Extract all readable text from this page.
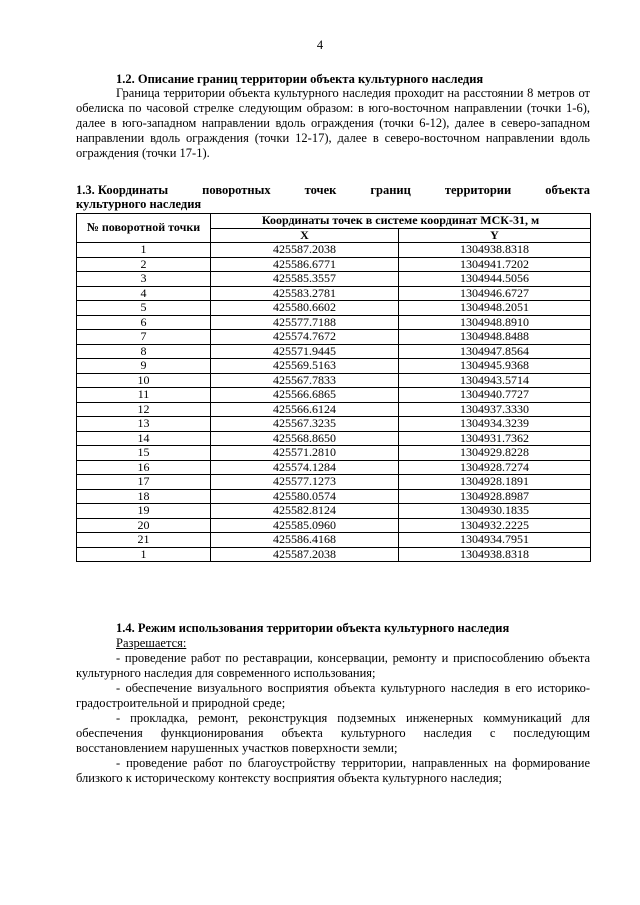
4
1.2. Описание границ территории объекта культурного наследия
Граница территории объекта культурного наследия проходит на расстоянии 8 метров от обелиска по часовой стрелке следующим образом: в юго-восточном направлении (точки 1-6), далее в юго-западном направлении вдоль ограждения (точки 6-12), далее в северо-западном направлении вдоль ограждения (точки 12-17), далее в северо-восточном направлении вдоль ограждения (точки 17-1).
1.3. Координаты	поворотных	точек	границ	территории	объекта
культурного наследия
№ поворотной точки	Координаты точек в системе координат МСК-31, м	
	X	Y
1	425587.2038	1304938.8318
2	425586.6771	1304941.7202
3	425585.3557	1304944.5056
4	425583.2781	1304946.6727
5	425580.6602	1304948.2051
6	425577.7188	1304948.8910
7	425574.7672	1304948.8488
8	425571.9445	1304947.8564
9	425569.5163	1304945.9368
10	425567.7833	1304943.5714
11	425566.6865	1304940.7727
12	425566.6124	1304937.3330
13	425567.3235	1304934.3239
14	425568.8650	1304931.7362
15	425571.2810	1304929.8228
16	425574.1284	1304928.7274
17	425577.1273	1304928.1891
18	425580.0574	1304928.8987
19	425582.8124	1304930.1835
20	425585.0960	1304932.2225
21	425586.4168	1304934.7951
1	425587.2038	1304938.8318
1.4. Режим использования территории объекта культурного наследия

Разрешается:

- проведение работ по реставрации, консервации, ремонту и приспособлению объекта культурного наследия для современного использования;

- обеспечение визуального восприятия объекта культурного наследия в его историко-градостроительной и природной среде;

- прокладка, ремонт, реконструкция подземных инженерных коммуникаций для обеспечения функционирования объекта культурного наследия с последующим восстановлением нарушенных участков поверхности земли;

- проведение работ по благоустройству территории, направленных на формирование близкого к историческому контексту восприятия объекта культурного наследия;
